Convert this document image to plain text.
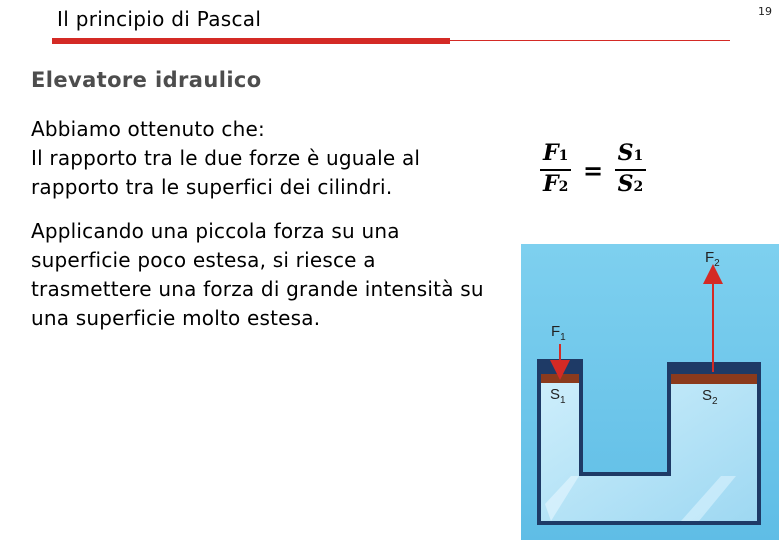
19
Il principio di Pascal
Elevatore idraulico
Abbiamo ottenuto che:
Il rapporto tra le due forze è uguale al rapporto tra le superfici dei cilindri.
Applicando una piccola forza su una superficie poco estesa, si riesce a trasmettere una forza di grande intensità su una superficie molto estesa.
$\frac{F1}{F2} = \frac{S1}{S2}$
$F_1$
$F_2$
$S_1$	$S_2$
